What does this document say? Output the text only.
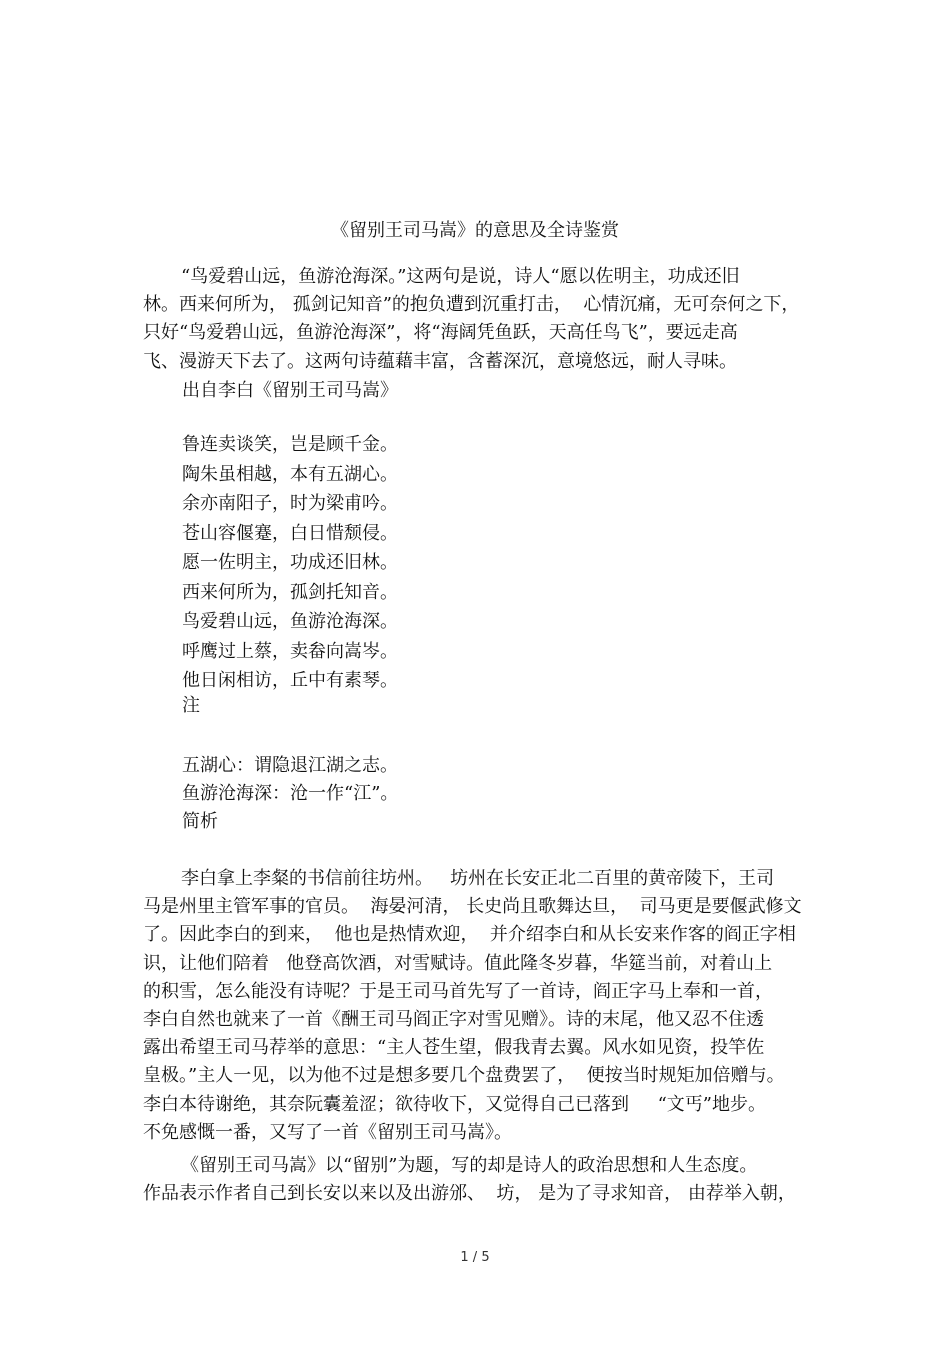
《留别王司马嵩》的意思及全诗鉴赏
“鸟爱碧山远，鱼游沧海深。”这两句是说，诗人“愿以佐明主，功成还旧
林。西来何所为， 孤剑记知音”的抱负遭到沉重打击，  心情沉痛，无可奈何之下，
只好“鸟爱碧山远，鱼游沧海深”，将“海阔凭鱼跃，天高任鸟飞”，要远走高
飞、漫游天下去了。这两句诗蕴藉丰富，含蓄深沉，意境悠远，耐人寻味。
出自李白《留别王司马嵩》
鲁连卖谈笑，岂是顾千金。
陶朱虽相越，本有五湖心。
余亦南阳子，时为梁甫吟。
苍山容偃蹇，白日惜颓侵。
愿一佐明主，功成还旧林。
西来何所为，孤剑托知音。
鸟爱碧山远，鱼游沧海深。
呼鹰过上蔡，卖畚向嵩岑。
他日闲相访，丘中有素琴。
注
五湖心：谓隐退江湖之志。
鱼游沧海深：沧一作“江”。
简析
李白拿上李粲的书信前往坊州。   坊州在长安正北二百里的黄帝陵下，王司
马是州里主管军事的官员。  海晏河清， 长史尚且歌舞达旦，  司马更是要偃武修文
了。因此李白的到来，  他也是热情欢迎，  并介绍李白和从长安来作客的阎正字相
识，让他们陪着   他登高饮酒，对雪赋诗。值此隆冬岁暮，华筵当前，对着山上
的积雪，怎么能没有诗呢？于是王司马首先写了一首诗，阎正字马上奉和一首，
李白自然也就来了一首《酬王司马阎正字对雪见赠》。诗的末尾，他又忍不住透
露出希望王司马荐举的意思：“主人苍生望，假我青去翼。风水如见资，投竿佐
皇极。”主人一见，以为他不过是想多要几个盘费罢了，  便按当时规矩加倍赠与。
李白本待谢绝，其奈阮囊羞涩；欲待收下，又觉得自己已落到     “文丐”地步。
不免感慨一番，又写了一首《留别王司马嵩》。
《留别王司马嵩》以“留别”为题，写的却是诗人的政治思想和人生态度。
作品表示作者自己到长安以来以及出游邠、  坊， 是为了寻求知音， 由荐举入朝，
1 / 5
